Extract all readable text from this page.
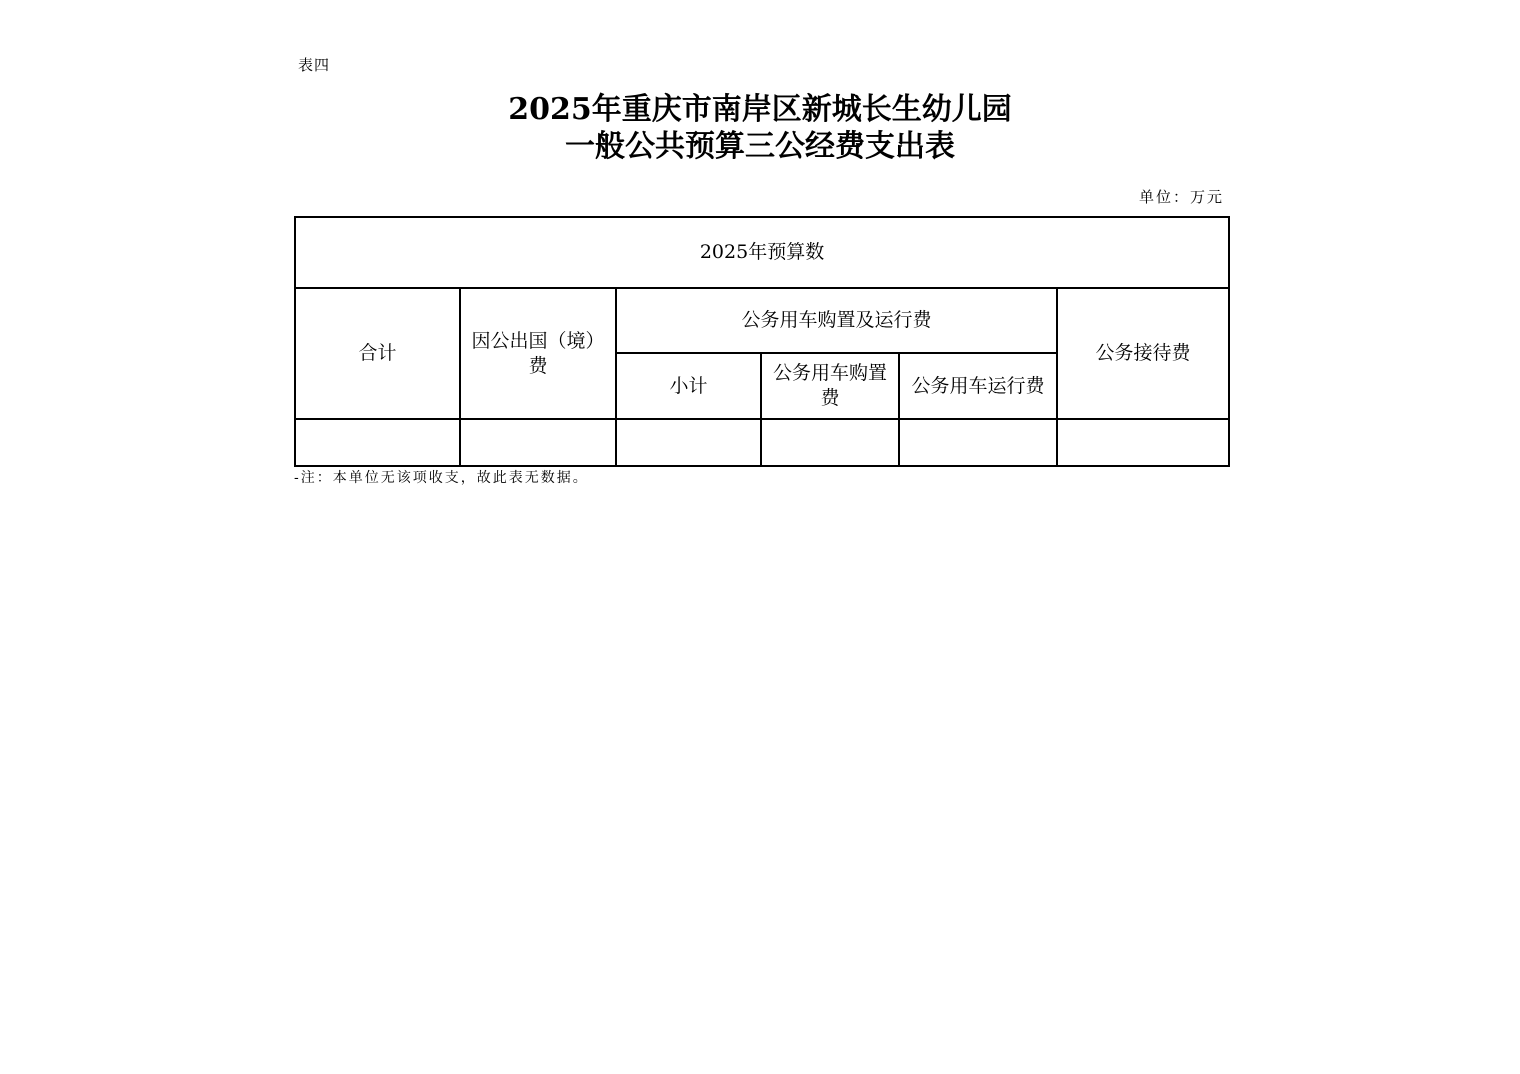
表四
2025年重庆市南岸区新城长生幼儿园
一般公共预算三公经费支出表
单位：万元
2025年预算数					
合计	因公出国（境）费	公务用车购置及运行费			公务接待费
		小计	公务用车购置费	公务用车运行费	

-注：本单位无该项收支，故此表无数据。
